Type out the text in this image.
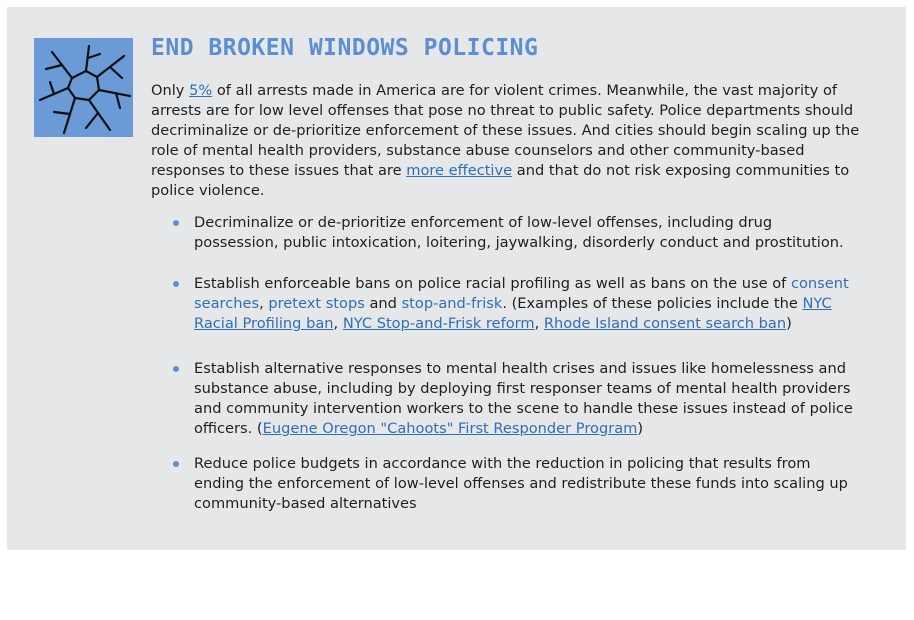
END BROKEN WINDOWS POLICING

Only 5% of all arrests made in America are for violent crimes. Meanwhile, the vast majority of arrests are for low level offenses that pose no threat to public safety. Police departments should decriminalize or de-prioritize enforcement of these issues. And cities should begin scaling up the role of mental health providers, substance abuse counselors and other community-based responses to these issues that are more effective and that do not risk exposing communities to police violence.

Decriminalize or de-prioritize enforcement of low-level offenses, including drug possession, public intoxication, loitering, jaywalking, disorderly conduct and prostitution.
Establish enforceable bans on police racial profiling as well as bans on the use of consent searches, pretext stops and stop-and-frisk. (Examples of these policies include the NYC Racial Profiling ban, NYC Stop-and-Frisk reform, Rhode Island consent search ban)
Establish alternative responses to mental health crises and issues like homelessness and substance abuse, including by deploying first responser teams of mental health providers and community intervention workers to the scene to handle these issues instead of police officers. (Eugene Oregon "Cahoots" First Responder Program)
Reduce police budgets in accordance with the reduction in policing that results from ending the enforcement of low-level offenses and redistribute these funds into scaling up community-based alternatives
